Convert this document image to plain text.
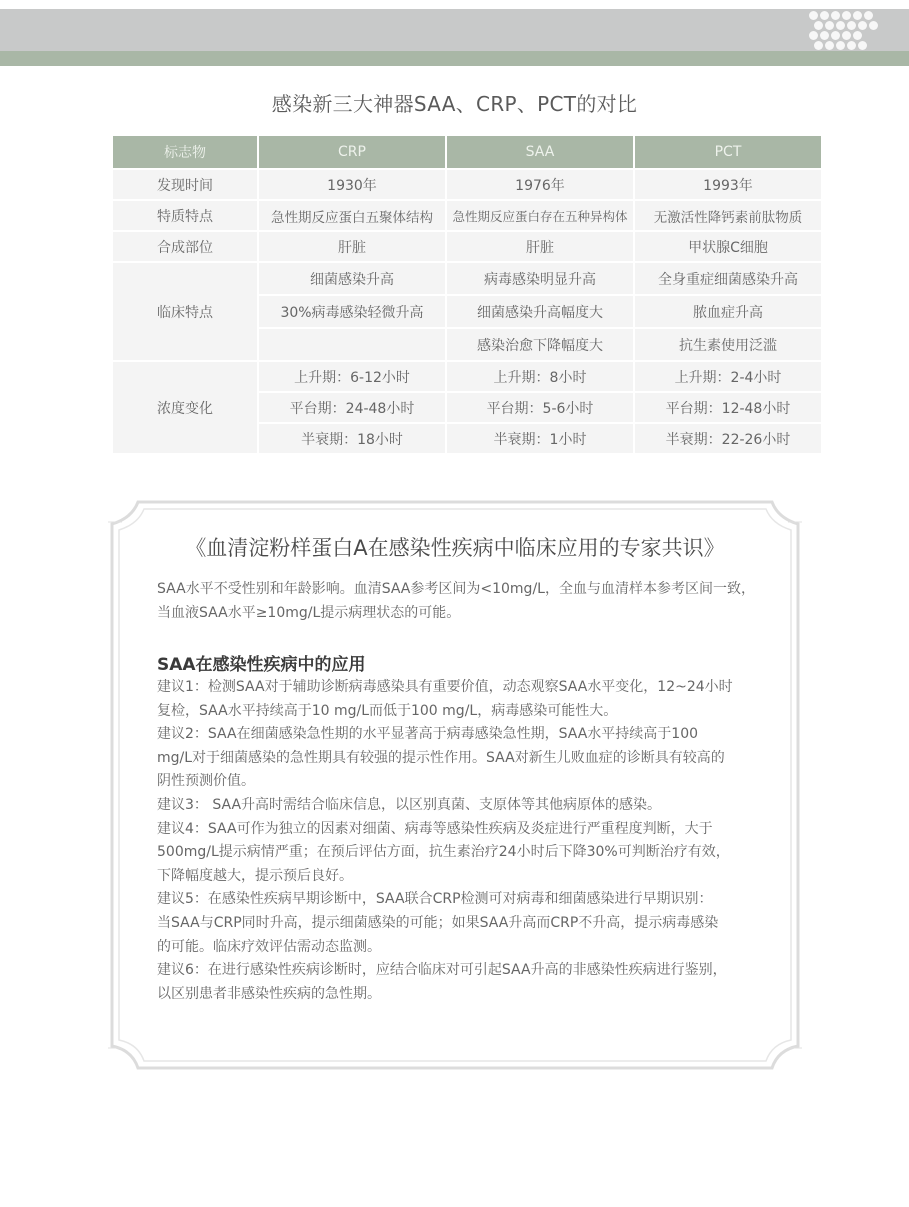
感染新三大神器SAA、CRP、PCT的对比
标志物	CRP	SAA	PCT
发现时间	1930年	1976年	1993年
特质特点	急性期反应蛋白五聚体结构	急性期反应蛋白存在五种异构体	无激活性降钙素前肽物质
合成部位	肝脏	肝脏	甲状腺C细胞
临床特点	细菌感染升高	病毒感染明显升高	全身重症细菌感染升高
	30%病毒感染轻微升高	细菌感染升高幅度大	脓血症升高
		感染治愈下降幅度大	抗生素使用泛滥
浓度变化	上升期：6-12小时	上升期：8小时	上升期：2-4小时
	平台期：24-48小时	平台期：5-6小时	平台期：12-48小时
	半衰期：18小时	半衰期：1小时	半衰期：22-26小时
《血清淀粉样蛋白A在感染性疾病中临床应用的专家共识》

SAA水平不受性别和年龄影响。血清SAA参考区间为<10mg/L，全血与血清样本参考区间一致，

当血液SAA水平≥10mg/L提示病理状态的可能。

SAA在感染性疾病中的应用

建议1：检测SAA对于辅助诊断病毒感染具有重要价值，动态观察SAA水平变化，12~24小时

复检，SAA水平持续高于10 mg/L而低于100 mg/L，病毒感染可能性大。

建议2：SAA在细菌感染急性期的水平显著高于病毒感染急性期，SAA水平持续高于100

mg/L对于细菌感染的急性期具有较强的提示性作用。SAA对新生儿败血症的诊断具有较高的

阴性预测价值。

建议3： SAA升高时需结合临床信息，以区别真菌、支原体等其他病原体的感染。

建议4：SAA可作为独立的因素对细菌、病毒等感染性疾病及炎症进行严重程度判断，大于

500mg/L提示病情严重；在预后评估方面，抗生素治疗24小时后下降30%可判断治疗有效，

下降幅度越大，提示预后良好。

建议5：在感染性疾病早期诊断中，SAA联合CRP检测可对病毒和细菌感染进行早期识别：

当SAA与CRP同时升高，提示细菌感染的可能；如果SAA升高而CRP不升高，提示病毒感染

的可能。临床疗效评估需动态监测。

建议6：在进行感染性疾病诊断时，应结合临床对可引起SAA升高的非感染性疾病进行鉴别，

以区别患者非感染性疾病的急性期。
